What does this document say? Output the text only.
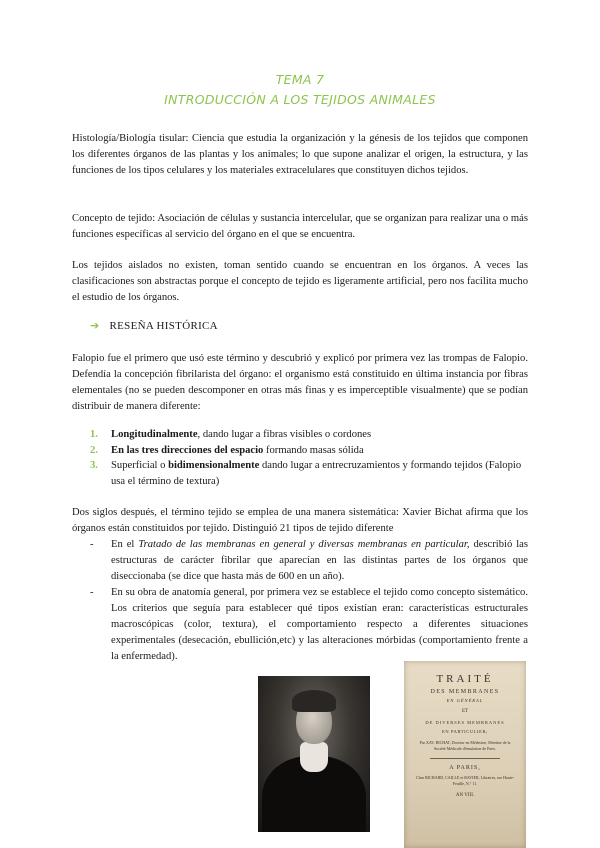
TEMA 7
INTRODUCCIÓN A LOS TEJIDOS ANIMALES

Histología/Biología tisular: Ciencia que estudia la organización y la génesis de los tejidos que componen los diferentes órganos de las plantas y los animales; lo que supone analizar el origen, la estructura, y las funciones de los tipos celulares y los materiales extracelulares que constituyen dichos tejidos.

Concepto de tejido: Asociación de células y sustancia intercelular, que se organizan para realizar una o más funciones específicas al servicio del órgano en el que se encuentra.

Los tejidos aislados no existen, toman sentido cuando se encuentran en los órganos. A veces las clasificaciones son abstractas porque el concepto de tejido es ligeramente artificial, pero nos facilita mucho el estudio de los órganos.

➔ RESEÑA HISTÓRICA

Falopio fue el primero que usó este término y descubrió y explicó por primera vez las trompas de Falopio. Defendía la concepción fibrilarista del órgano: el organismo está constituido en última instancia por fibras elementales (no se pueden descomponer en otras más finas y es imperceptible visualmente) que se podían distribuir de manera diferente:

1. Longitudinalmente, dando lugar a fibras visibles o cordones
2. En las tres direcciones del espacio formando masas sólida
3. Superficial o bidimensionalmente dando lugar a entrecruzamientos y formando tejidos (Falopio usa el término de textura)

Dos siglos después, el término tejido se emplea de una manera sistemática: Xavier Bichat afirma que los órganos están constituidos por tejido. Distinguió 21 tipos de tejido diferente

- En el Tratado de las membranas en general y diversas membranas en particular, describió las estructuras de carácter fibrilar que aparecían en las distintas partes de los órganos que diseccionaba (se dice que hasta más de 600 en un año).
- En su obra de anatomía general, por primera vez se establece el tejido como concepto sistemático. Los criterios que seguía para establecer qué tipos existían eran: características estructurales macroscópicas (color, textura), el comportamiento respecto a diferentes situaciones experimentales (desecación, ebullición,etc) y las alteraciones mórbidas (comportamiento frente a la enfermedad).
TRAITÉ
DES MEMBRANES
EN GÉNÉRAL
ET
DE DIVERSES MEMBRANES
EN PARTICULIER;
Par XAV. BICHAT, Docteur en Médecine, Membre de la Société Médicale d'émulation de Paris.
A PARIS,
Chez RICHARD, CAILLE et RAVIER, Libraires, rue Haute-Feuille, N.° 11.
AN VIII.
